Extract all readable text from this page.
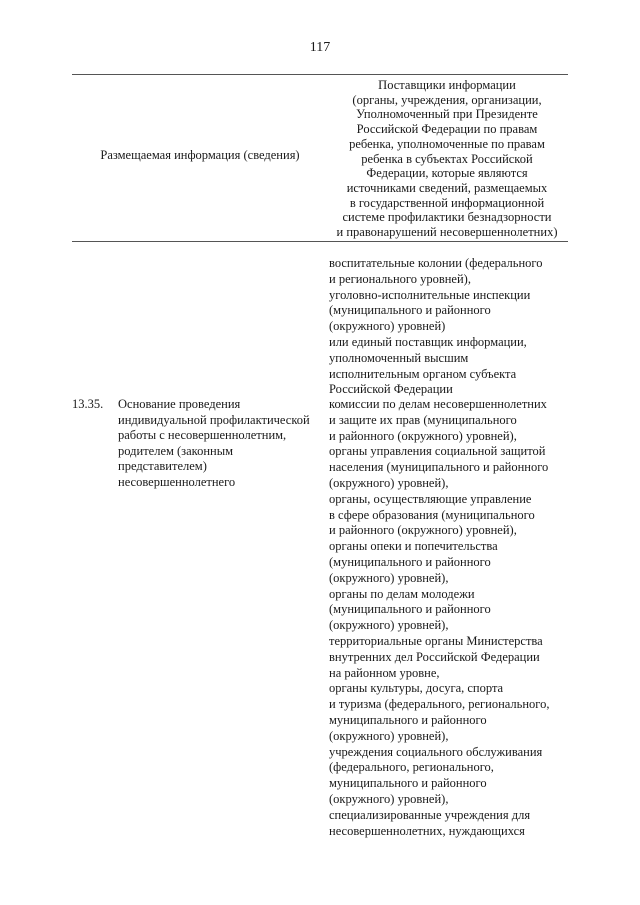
117
Размещаемая информация (сведения)
Поставщики информации
(органы, учреждения, организации,
Уполномоченный при Президенте
Российской Федерации по правам
ребенка, уполномоченные по правам
ребенка в субъектах Российской
Федерации, которые являются
источниками сведений, размещаемых
в государственной информационной
системе профилактики безнадзорности
и правонарушений несовершеннолетних)
воспитательные колонии (федерального
и регионального уровней),
уголовно-исполнительные инспекции
(муниципального и районного
(окружного) уровней)
или единый поставщик информации,
уполномоченный высшим
исполнительным органом субъекта
Российской Федерации
13.35. Основание проведения
индивидуальной профилактической
работы с несовершеннолетним,
родителем (законным
представителем)
несовершеннолетнего
комиссии по делам несовершеннолетних
и защите их прав (муниципального
и районного (окружного) уровней),
органы управления социальной защитой
населения (муниципального и районного
(окружного) уровней),
органы, осуществляющие управление
в сфере образования (муниципального
и районного (окружного) уровней),
органы опеки и попечительства
(муниципального и районного
(окружного) уровней),
органы по делам молодежи
(муниципального и районного
(окружного) уровней),
территориальные органы Министерства
внутренних дел Российской Федерации
на районном уровне,
органы культуры, досуга, спорта
и туризма (федерального, регионального,
муниципального и районного
(окружного) уровней),
учреждения социального обслуживания
(федерального, регионального,
муниципального и районного
(окружного) уровней),
специализированные учреждения для
несовершеннолетних, нуждающихся
